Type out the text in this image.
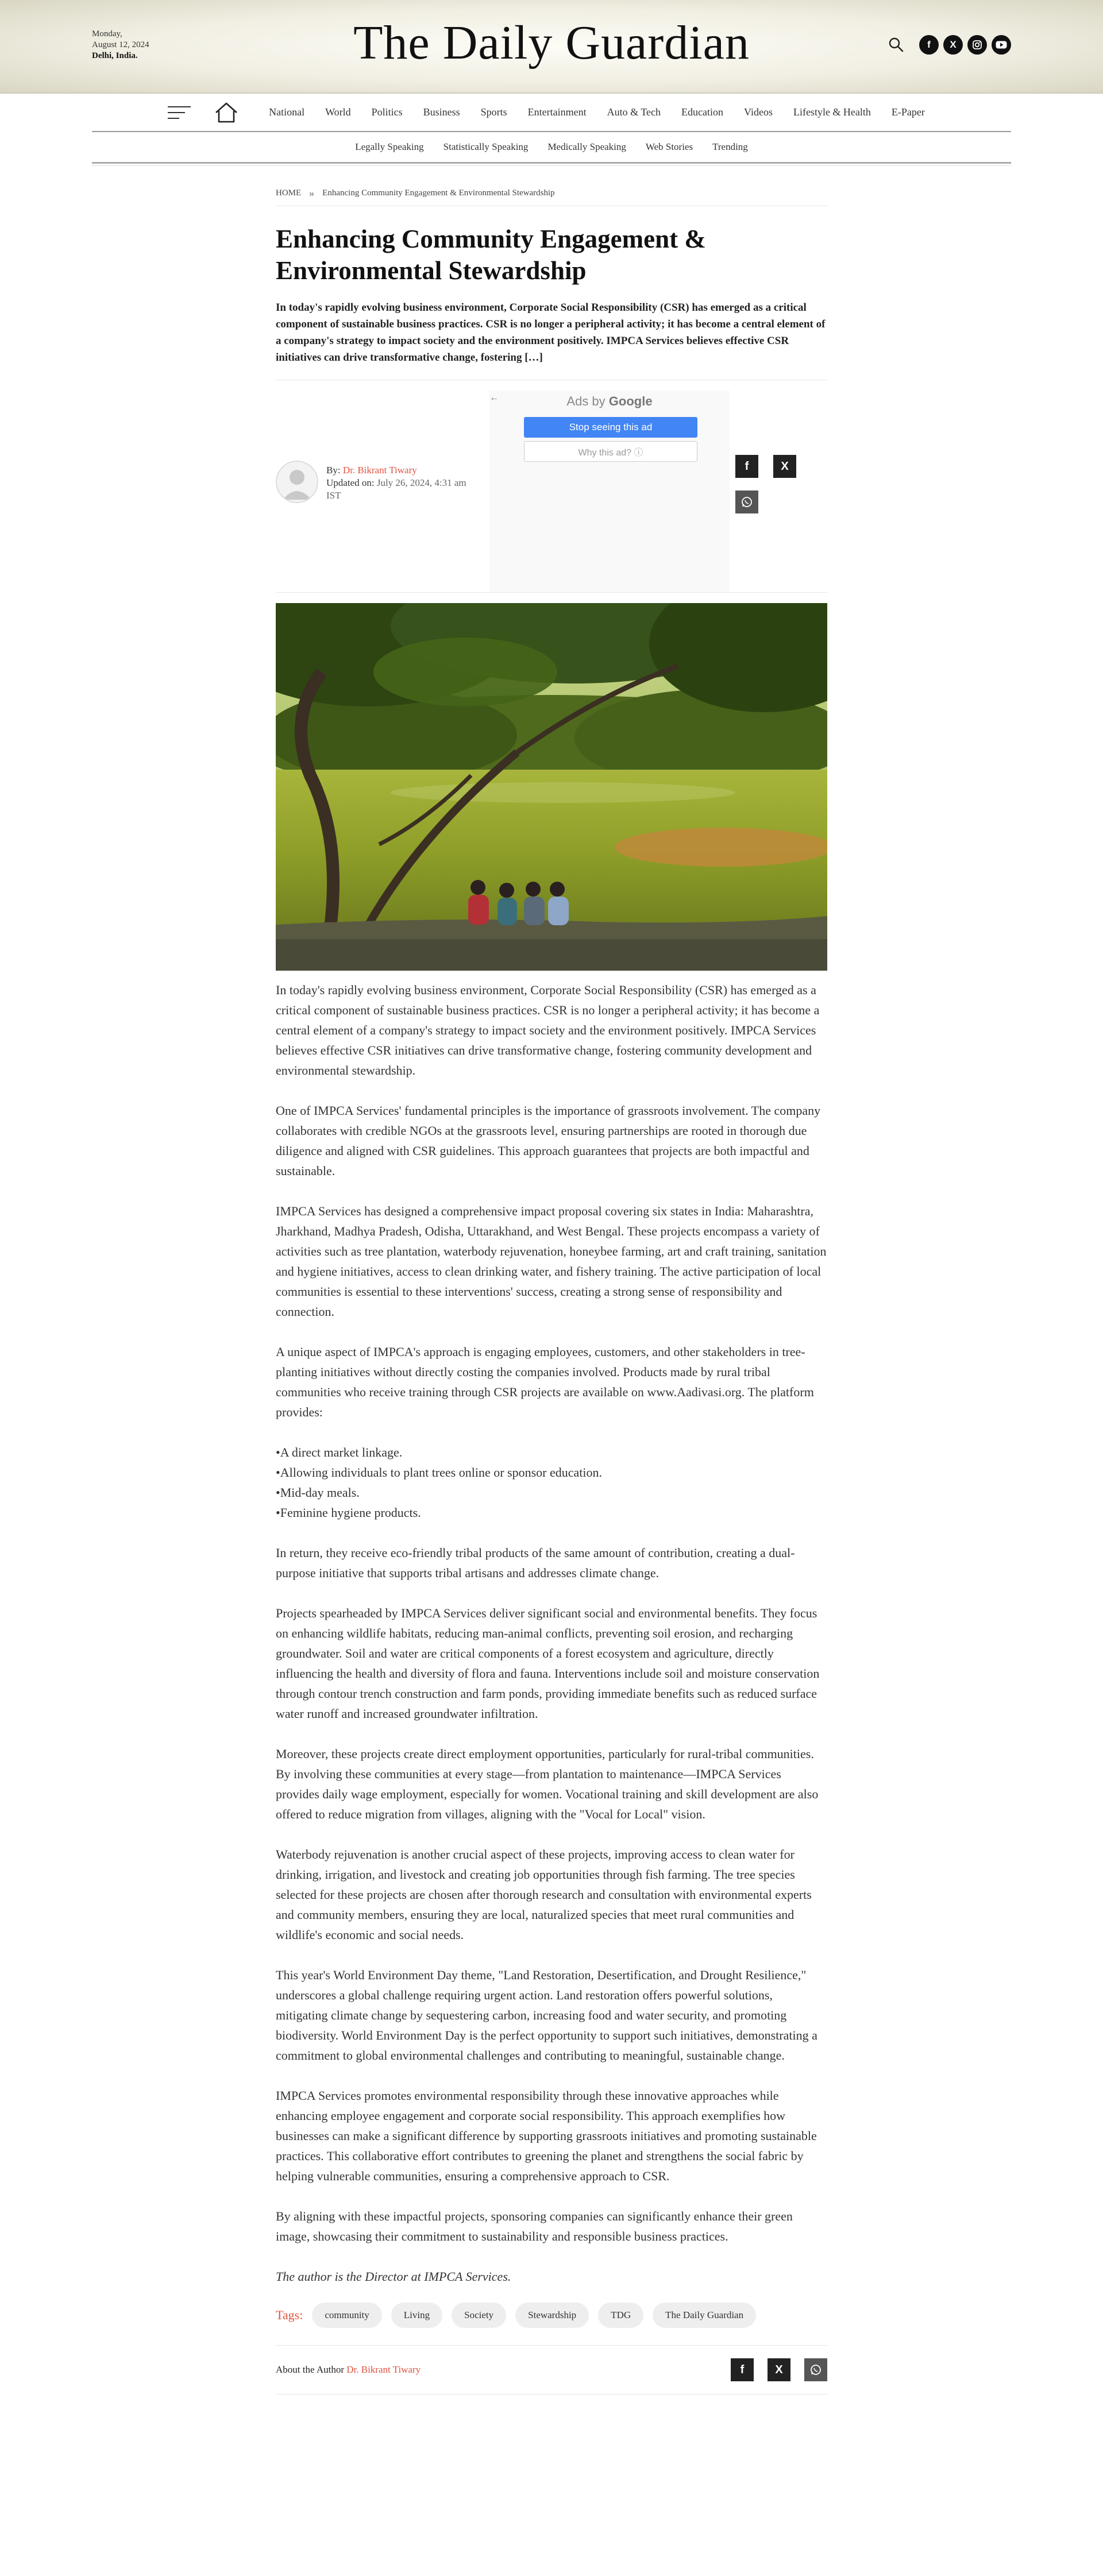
Monday,
August 12, 2024
Delhi, India.	The Daily Guardian	f	X
National World Politics Business Sports Entertainment Auto & Tech Education Videos Lifestyle & Health E-Paper
Legally Speaking Statistically Speaking Medically Speaking Web Stories Trending
HOME » Enhancing Community Engagement & Environmental Stewardship
Enhancing Community Engagement & Environmental Stewardship

In today's rapidly evolving business environment, Corporate Social Responsibility (CSR) has emerged as a critical component of sustainable business practices. CSR is no longer a peripheral activity; it has become a central element of a company's strategy to impact society and the environment positively. IMPCA Services believes effective CSR initiatives can drive transformative change, fostering […]

By: Dr. Bikrant Tiwary
Updated on: July 26, 2024, 4:31 am
IST
←	Ads by Google
Stop seeing this ad
Why this ad? ⓘ
f	X

In today's rapidly evolving business environment, Corporate Social Responsibility (CSR) has emerged as a critical component of sustainable business practices. CSR is no longer a peripheral activity; it has become a central element of a company's strategy to impact society and the environment positively. IMPCA Services believes effective CSR initiatives can drive transformative change, fostering community development and environmental stewardship.

One of IMPCA Services' fundamental principles is the importance of grassroots involvement. The company collaborates with credible NGOs at the grassroots level, ensuring partnerships are rooted in thorough due diligence and aligned with CSR guidelines. This approach guarantees that projects are both impactful and sustainable.

IMPCA Services has designed a comprehensive impact proposal covering six states in India: Maharashtra, Jharkhand, Madhya Pradesh, Odisha, Uttarakhand, and West Bengal. These projects encompass a variety of activities such as tree plantation, waterbody rejuvenation, honeybee farming, art and craft training, sanitation and hygiene initiatives, access to clean drinking water, and fishery training. The active participation of local communities is essential to these interventions' success, creating a strong sense of responsibility and connection.

A unique aspect of IMPCA's approach is engaging employees, customers, and other stakeholders in tree-planting initiatives without directly costing the companies involved. Products made by rural tribal communities who receive training through CSR projects are available on www.Aadivasi.org. The platform provides:

•A direct market linkage.

•Allowing individuals to plant trees online or sponsor education.

•Mid-day meals.

•Feminine hygiene products.

In return, they receive eco-friendly tribal products of the same amount of contribution, creating a dual-purpose initiative that supports tribal artisans and addresses climate change.

Projects spearheaded by IMPCA Services deliver significant social and environmental benefits. They focus on enhancing wildlife habitats, reducing man-animal conflicts, preventing soil erosion, and recharging groundwater. Soil and water are critical components of a forest ecosystem and agriculture, directly influencing the health and diversity of flora and fauna. Interventions include soil and moisture conservation through contour trench construction and farm ponds, providing immediate benefits such as reduced surface water runoff and increased groundwater infiltration.

Moreover, these projects create direct employment opportunities, particularly for rural-tribal communities. By involving these communities at every stage—from plantation to maintenance—IMPCA Services provides daily wage employment, especially for women. Vocational training and skill development are also offered to reduce migration from villages, aligning with the "Vocal for Local" vision.

Waterbody rejuvenation is another crucial aspect of these projects, improving access to clean water for drinking, irrigation, and livestock and creating job opportunities through fish farming. The tree species selected for these projects are chosen after thorough research and consultation with environmental experts and community members, ensuring they are local, naturalized species that meet rural communities and wildlife's economic and social needs.

This year's World Environment Day theme, "Land Restoration, Desertification, and Drought Resilience," underscores a global challenge requiring urgent action. Land restoration offers powerful solutions, mitigating climate change by sequestering carbon, increasing food and water security, and promoting biodiversity. World Environment Day is the perfect opportunity to support such initiatives, demonstrating a commitment to global environmental challenges and contributing to meaningful, sustainable change.

IMPCA Services promotes environmental responsibility through these innovative approaches while enhancing employee engagement and corporate social responsibility. This approach exemplifies how businesses can make a significant difference by supporting grassroots initiatives and promoting sustainable practices. This collaborative effort contributes to greening the planet and strengthens the social fabric by helping vulnerable communities, ensuring a comprehensive approach to CSR.

By aligning with these impactful projects, sponsoring companies can significantly enhance their green image, showcasing their commitment to sustainability and responsible business practices.

The author is the Director at IMPCA Services.

Tags:	community	Living	Society	Stewardship	TDG	The Daily Guardian
About the Author Dr. Bikrant Tiwary	f	X
